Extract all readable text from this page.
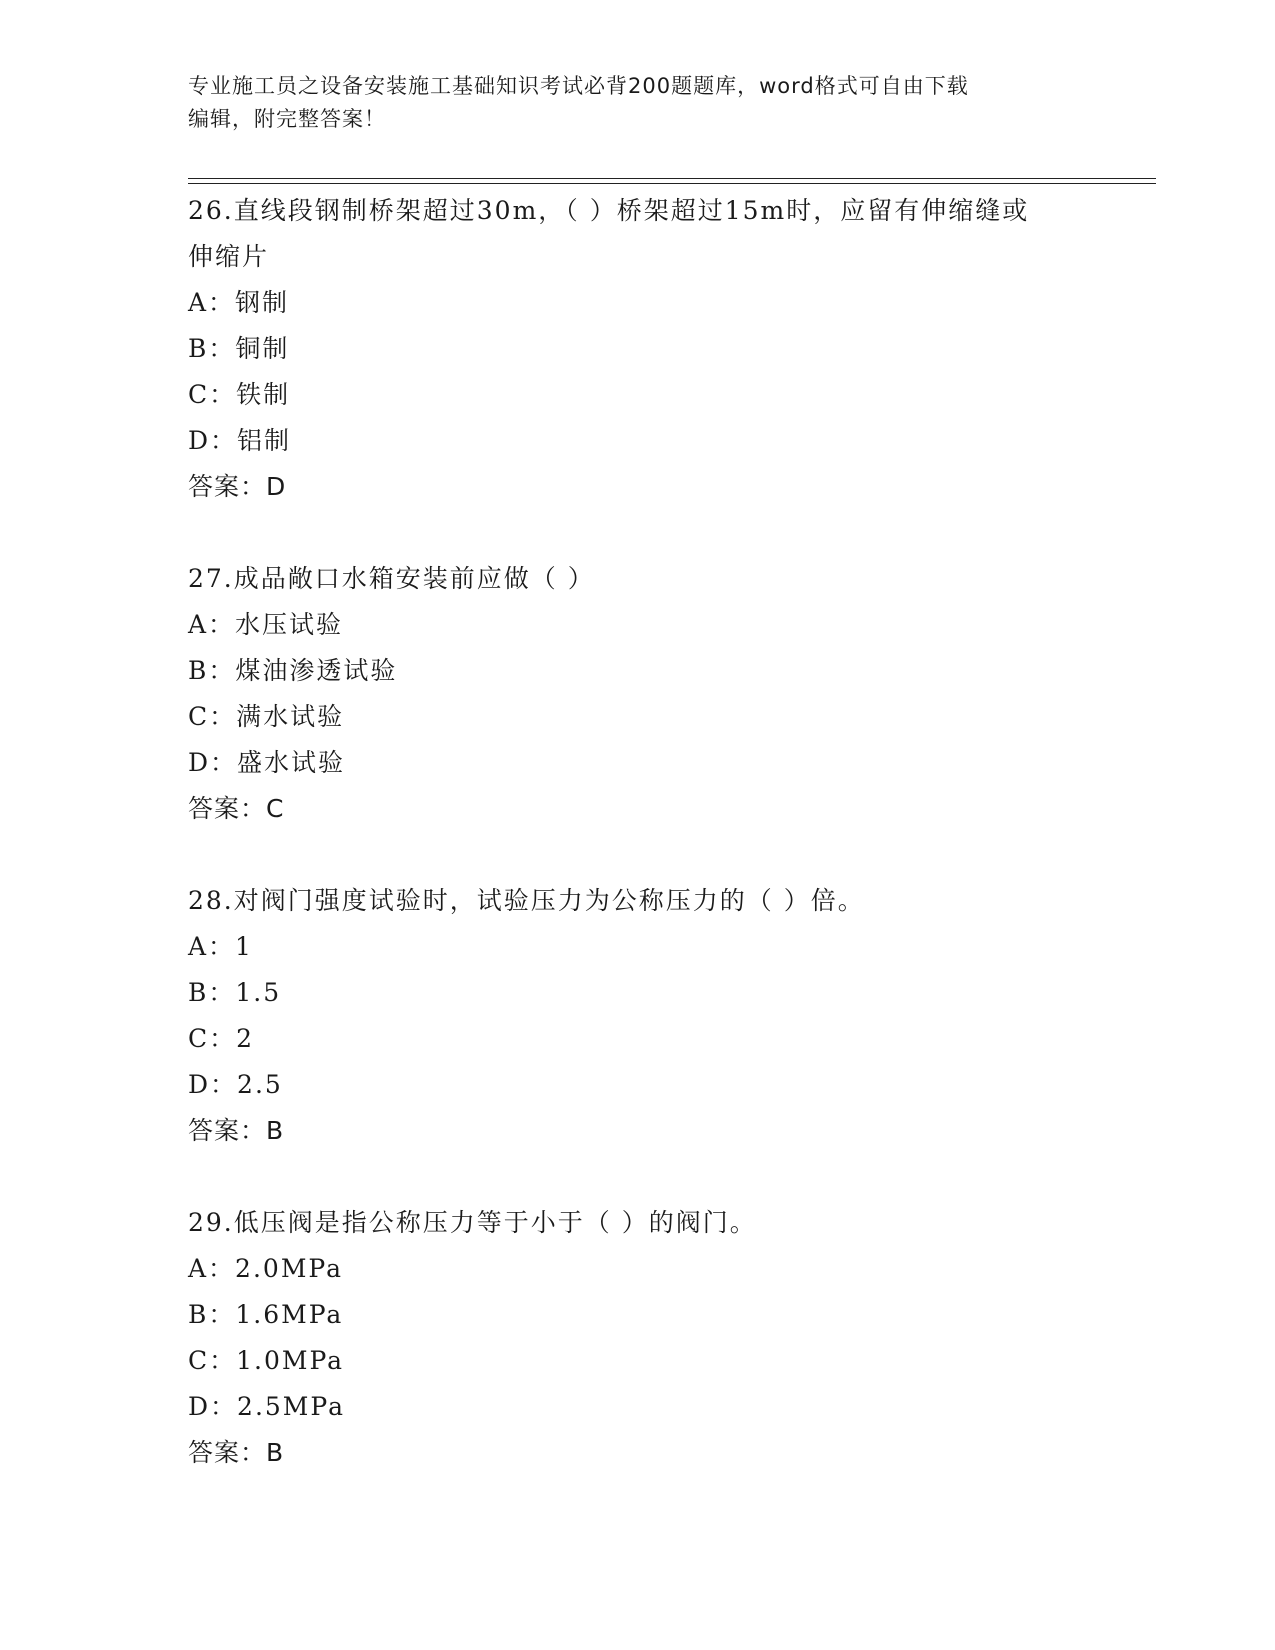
专业施工员之设备安装施工基础知识考试必背200题题库，word格式可自由下载
编辑，附完整答案！
26.直线段钢制桥架超过30m，（ ）桥架超过15m时，应留有伸缩缝或
伸缩片
A：钢制
B：铜制
C：铁制
D：铝制
答案：D
27.成品敞口水箱安装前应做（ ）
A：水压试验
B：煤油渗透试验
C：满水试验
D：盛水试验
答案：C
28.对阀门强度试验时，试验压力为公称压力的（ ）倍。
A：1
B：1.5
C：2
D：2.5
答案：B
29.低压阀是指公称压力等于小于（ ）的阀门。
A：2.0MPa
B：1.6MPa
C：1.0MPa
D：2.5MPa
答案：B
